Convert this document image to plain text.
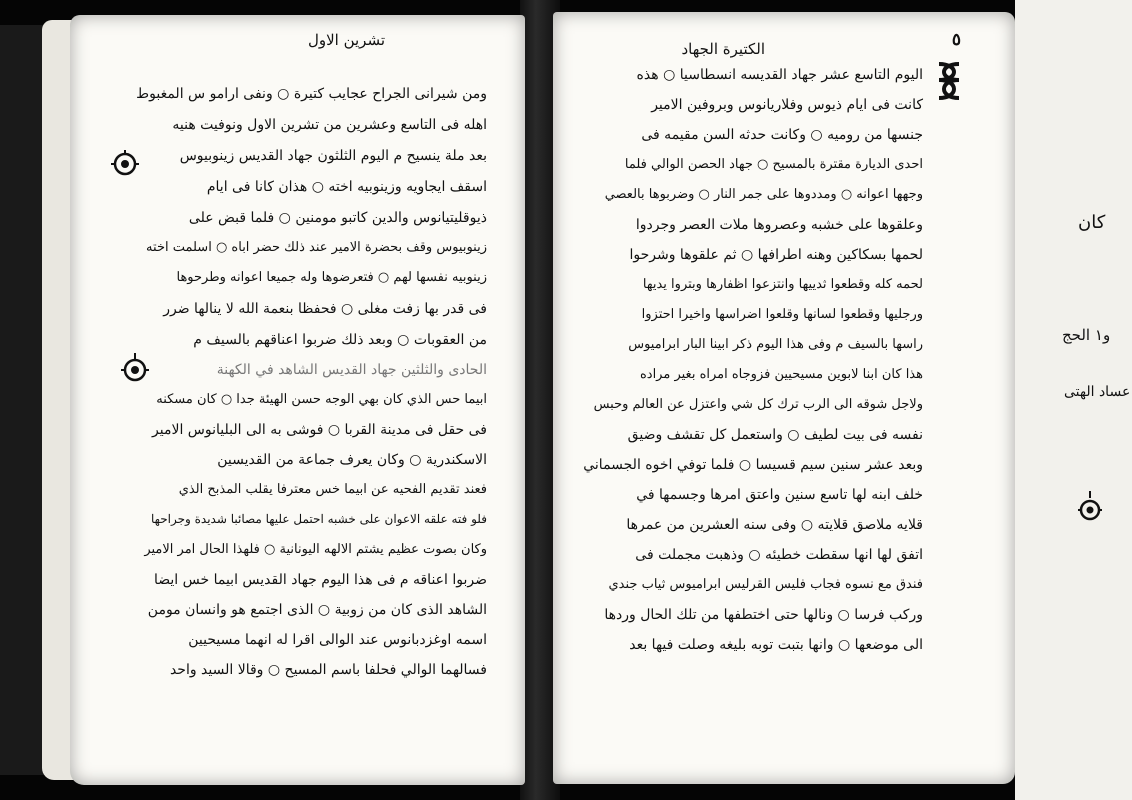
تشرين الاول
ومن شيرانى الجراح عجايب كتيرة ○ ونفى ارامو س المغبوط
اهله فى التاسع وعشرين من تشرين الاول ونوفيت هنيه
بعد ملة ينسيح م اليوم الثلثون جهاد القديس زينوبيوس
اسقف ايجاويه وزينوبيه اخته ○ هذان كانا فى ايام
ذيوقليتيانوس والدين كاتبو مومنين ○ فلما قبض على
زينوبيوس وقف بحضرة الامير عند ذلك حضر اباه ○ اسلمت اخته
زينوبيه نفسها لهم ○ فتعرضوها وله جميعا اعوانه وطرحوها
فى قدر بها زفت مغلى ○ فحفظا بنعمة الله لا ينالها ضرر
من العقوبات ○ وبعد ذلك ضربوا اعناقهم بالسيف م
الحادى والثلثين جهاد القديس الشاهد في الكهنة
ابيما حس الذي كان بهي الوجه حسن الهيئة جدا ○ كان مسكنه
فى حقل فى مدينة القربا ○ فوشى به الى البليانوس الامير
الاسكندرية ○ وكان يعرف جماعة من القديسين
فعند تقديم الفحيه عن ابيما خس معترفا يقلب المذبح الذي
فلو فته علقه الاعوان على خشبه احتمل عليها مصائبا شديدة وجراحها
وكان بصوت عظيم يشتم الالهه اليونانية ○ فلهذا الحال امر الامير
ضربوا اعناقه م فى هذا اليوم جهاد القديس ابيما خس ايضا
الشاهد الذى كان من زوبية ○ الذى اجتمع هو وانسان مومن
اسمه اوغزدبانوس عند الوالى اقرا له انهما مسيحيين
فسالهما الوالي فحلفا باسم المسيح ○ وقالا السيد واحد
الكتيرة الجهاد	٥
اليوم التاسع عشر جهاد القديسه انسطاسيا ○ هذه
كانت فى ايام ذيوس وفلاريانوس وبروفين الامير
جنسها من روميه ○ وكانت حدثه السن مقيمه فى
احدى الديارة مقترة بالمسيح ○ جهاد الحصن الوالي فلما
وجهها اعوانه ○ ومددوها على جمر النار ○ وضربوها بالعصي
وعلقوها على خشبه وعصروها ملات العصر وجردوا
لحمها بسكاكين وهنه اطرافها ○ ثم علقوها وشرحوا
لحمه كله وقطعوا ثدييها وانتزعوا اظفارها وبتروا يديها
ورجليها وقطعوا لسانها وقلعوا اضراسها واخيرا احتزوا
راسها بالسيف م وفى هذا اليوم ذكر ابينا البار ابراميوس
هذا كان ابنا لابوين مسيحيين فزوجاه امراه بغير مراده
ولاجل شوقه الى الرب ترك كل شي واعتزل عن العالم وحبس
نفسه فى بيت لطيف ○ واستعمل كل تقشف وضيق
وبعد عشر سنين سيم قسيسا ○ فلما توفي اخوه الجسماني
خلف ابنه لها تاسع سنين واعتق امرها وجسمها في
قلايه ملاصق قلايته ○ وفى سنه العشرين من عمرها
اتفق لها انها سقطت خطيئه ○ وذهبت مجملت فى
فندق مع نسوه فجاب فليس القرليس ابراميوس ثياب جندي
وركب فرسا ○ ونالها حتى اختطفها من تلك الحال وردها
الى موضعها ○ وانها بتبت توبه بليغه وصلت فيها بعد
كان
و١ الحج
عساد الهتى
